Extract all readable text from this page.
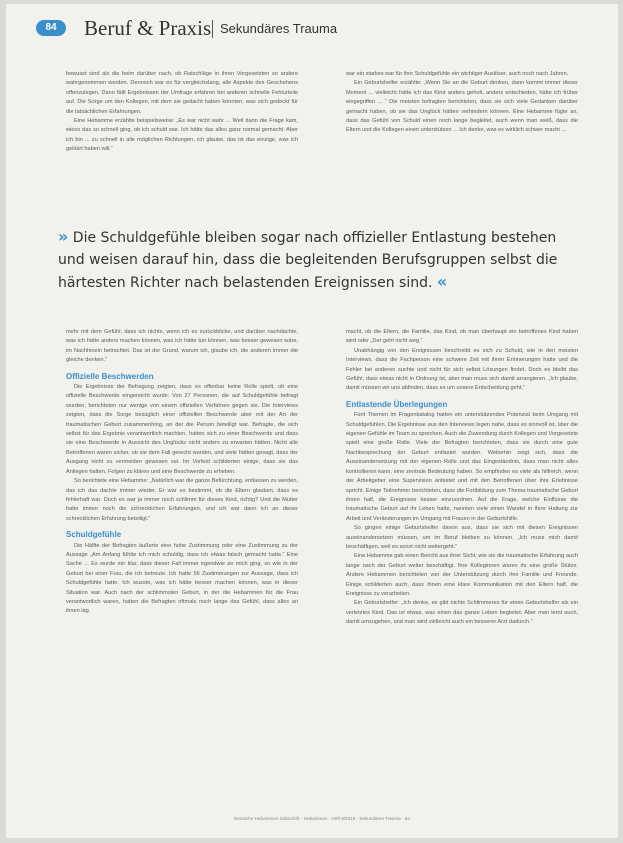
84	Beruf & Praxis Sekundäres Trauma

bewusst sind als die beim darüber nach, ob Ratschläge in ihren Vorgesetzten so andere wahrgenommen werden. Dennoch war es für vergleichslang, alle Aspekte des Geschehens offenzulegen. Dann fällt Ergebnissen der Umfrage erfahren bei anderen schnelle Fehlurteile auf. Die Sorge um den Kollegen, mit dem sie gedacht haben könnten, was sich gedeckt für die tatsächlichen Erfahrungen.

Eine Hebamme erzählte beispielsweise: „Es war nicht wahr ... Weil dann die Frage kam, wieso das so schnell ging, ob ich schuld war. Ich hätte das alles ganz normal gemacht. Aber ich bin ... zu schnell in alle möglichen Richtungen, ich glaube, das ist das einzige, was ich geklärt haben will.“

war ein starkes war für ihre Schuldgefühle ein wichtiger Auslöser, auch noch nach Jahren.

Ein Geburtshelfer erzählte: „Wenn Sie an die Geburt denken, dann kommt immer dieser Moment ... vielleicht hätte ich das Kind anders geholt, anders entschieden, hätte ich früher eingegriffen ... “ Die meisten befragten berichteten, dass sie sich viele Gedanken darüber gemacht haben, ob sie das Unglück hätten verhindern können. Eine Hebamme fügte an, dass das Gefühl von Schuld einen noch lange begleitet, auch wenn man weiß, dass die Eltern und die Kollegen einen unterstützen ... Ich denke, was es wirklich schwer macht ...

» Die Schuldgefühle bleiben sogar nach offizieller Entlastung bestehen und weisen darauf hin, dass die begleitenden Berufsgruppen selbst die härtesten Richter nach belastenden Ereignissen sind. «

mehr mit dem Gefühl, dass ich nichts, wenn ich es zurückblicke, und darüber nachdachte, was ich hätte anders machen können, was ich hätte tun können, was besser gewesen wäre, im Nachhinein betrachtet. Das ist der Grund, warum ich, glaube ich, die anderen immer die gleiche denken.“

Offizielle Beschwerden

Die Ergebnisse der Befragung zeigten, dass es offenbar keine Rolle spielt, ob eine offizielle Beschwerde eingereicht wurde: Von 27 Personen, die auf Schuldgefühle befragt wurden, berichteten nur wenige von einem offiziellen Verfahren gegen sie. Die Interviews zeigten, dass die Sorge bezüglich einer offiziellen Beschwerde aber mit der Art der traumatischen Geburt zusammenhing, an der die Person beteiligt war. Befragte, die sich selbst für das Ergebnis verantwortlich machten, hatten sich zu einer Beschwerde und dass sie eine Beschwerde in Aussicht des Unglücks nicht anders zu erwarten hätten. Nicht alle Betroffenen waren sicher, ob sie dem Fall gerecht wurden, und viele hätten gesagt, dass der Ausgang nicht zu vermeiden gewesen sei. Im Vorfeld schilderten einige, dass sie das Anliegen hatten, Folgen zu klären und eine Beschwerde zu erheben.

So berichtete eine Hebamme: „Natürlich war die ganze Befürchtung, entlassen zu werden, das ich das dachte immer wieder. Er war es bestimmt, ob die Eltern glauben, dass es fehlerhaft war. Doch es war ja immer noch schlimm für dieses Kind, richtig? Und die Mutter hatte immer noch die schrecklichen Erfahrungen, und ich war dann ich an dieser schrecklichen Erfahrung beteiligt.“

Schuldgefühle

Die Hälfte der Befragten äußerte eine hohe Zustimmung oder eine Zustimmung zu der Aussage „Am Anfang fühlte ich mich schuldig, dass ich etwas falsch gemacht hatte.“ Eine Sache ... Es wurde mir klar, dass dieser Fall immer irgendwie an mich ging, so wie in der Geburt bei einer Frau, die ich betreute. Ich hatte 56 Zustimmungen zur Aussage, dass ich Schuldgefühle hatte. Ich wusste, was ich hätte besser machen können, was in dieser Situation war. Auch nach der schlimmsten Geburt, in der die Hebammen für die Frau verantwortlich waren, hatten die Befragten oftmals noch lange das Gefühl, dass alles an ihnen lag.

macht, ob die Eltern, die Familie, das Kind, ob man überhaupt ein betroffenes Kind haben wird oder „Der geht nicht weg.“

Unabhängig von den Ereignissen beschreibt es sich zu Schuld, wie in den meisten Interviews, dass die Fachperson eine schwere Zeit mit ihren Erinnerungen hatte und die Fehler bei anderen suchte und nicht für sich selbst Lösungen findet. Doch es bleibt das Gefühl, dass etwas nicht in Ordnung ist, aber man muss sich damit arrangieren. „Ich glaube, damit müssen wir uns abfinden, dass es um unsere Entscheidung geht.“

Entlastende Überlegungen

Fünf Themen im Fragenkatalog hatten ein unterstützendes Potenzial beim Umgang mit Schuldgefühlen. Die Ergebnisse aus den Interviews legen nahe, dass es sinnvoll ist, über die eigenen Gefühle im Team zu sprechen. Auch die Zuwendung durch Kollegen und Vorgesetzte spielt eine große Rolle. Viele der Befragten berichteten, dass sie durch eine gute Nachbesprechung der Geburt entlastet wurden. Weiterhin zeigt sich, dass die Auseinandersetzung mit der eigenen Rolle und das Eingeständnis, dass man nicht alles kontrollieren kann, eine zentrale Bedeutung haben. So empfinden es viele als hilfreich, wenn der Arbeitgeber eine Supervision anbietet und mit den Betroffenen über ihre Erlebnisse spricht. Einige Teilnehmer berichteten, dass die Fortbildung zum Thema traumatische Geburt ihnen half, die Ereignisse besser einzuordnen. Auf die Frage, welche Einflüsse die traumatische Geburt auf ihr Leben hatte, nannten viele einen Wandel in ihrer Haltung zur Arbeit und Veränderungen im Umgang mit Frauen in der Geburtshilfe.

So gingen einige Geburtshelfer davon aus, dass sie sich mit diesen Ereignissen auseinandersetzen müssen, um im Beruf bleiben zu können. „Ich muss mich damit beschäftigen, weil es sonst nicht weitergeht.“

Eine Hebamme gab einen Bericht aus ihrer Sicht, wie sie die traumatische Erfahrung auch lange nach der Geburt weiter beschäftigt. Ihre Kolleginnen waren ihr eine große Stütze. Andere Hebammen berichteten von der Unterstützung durch ihre Familie und Freunde. Einige schilderten auch, dass ihnen eine klare Kommunikation mit den Eltern half, die Ereignisse zu verarbeiten.

Ein Geburtshelfer: „Ich denke, es gibt nichts Schlimmeres für einen Geburtshelfer als ein verletztes Kind. Das ist etwas, was einen das ganze Leben begleitet. Aber man lernt auch, damit umzugehen, und man wird vielleicht auch ein besserer Arzt dadurch.“

Deutsche Hebammen Zeitschrift · Hebammen · Heft 8/2019 · Sekundäres Trauma · 84
